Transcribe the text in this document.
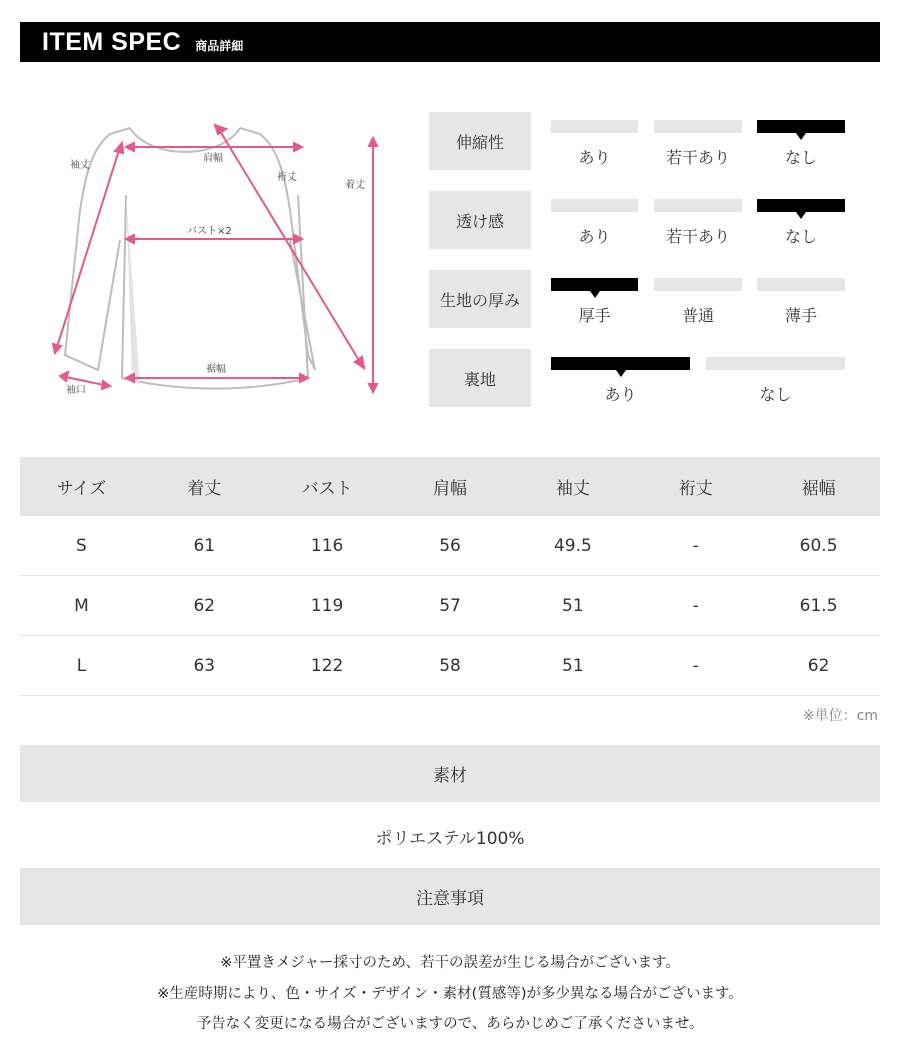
ITEM SPEC 商品詳細
袖丈
肩幅
裄丈
着丈
バスト×2
裾幅
袖口
伸縮性
あり	若干あり	なし
透け感
あり	若干あり	なし
生地の厚み
厚手	普通	薄手
裏地
あり	なし
サイズ	着丈	バスト	肩幅	袖丈	裄丈	裾幅
S	61	116	56	49.5	-	60.5
M	62	119	57	51	-	61.5
L	63	122	58	51	-	62
※単位：cm
素材
ポリエステル100%
注意事項
※平置きメジャー採寸のため、若干の誤差が生じる場合がございます。
※生産時期により、色・サイズ・デザイン・素材(質感等)が多少異なる場合がございます。
予告なく変更になる場合がございますので、あらかじめご了承くださいませ。
